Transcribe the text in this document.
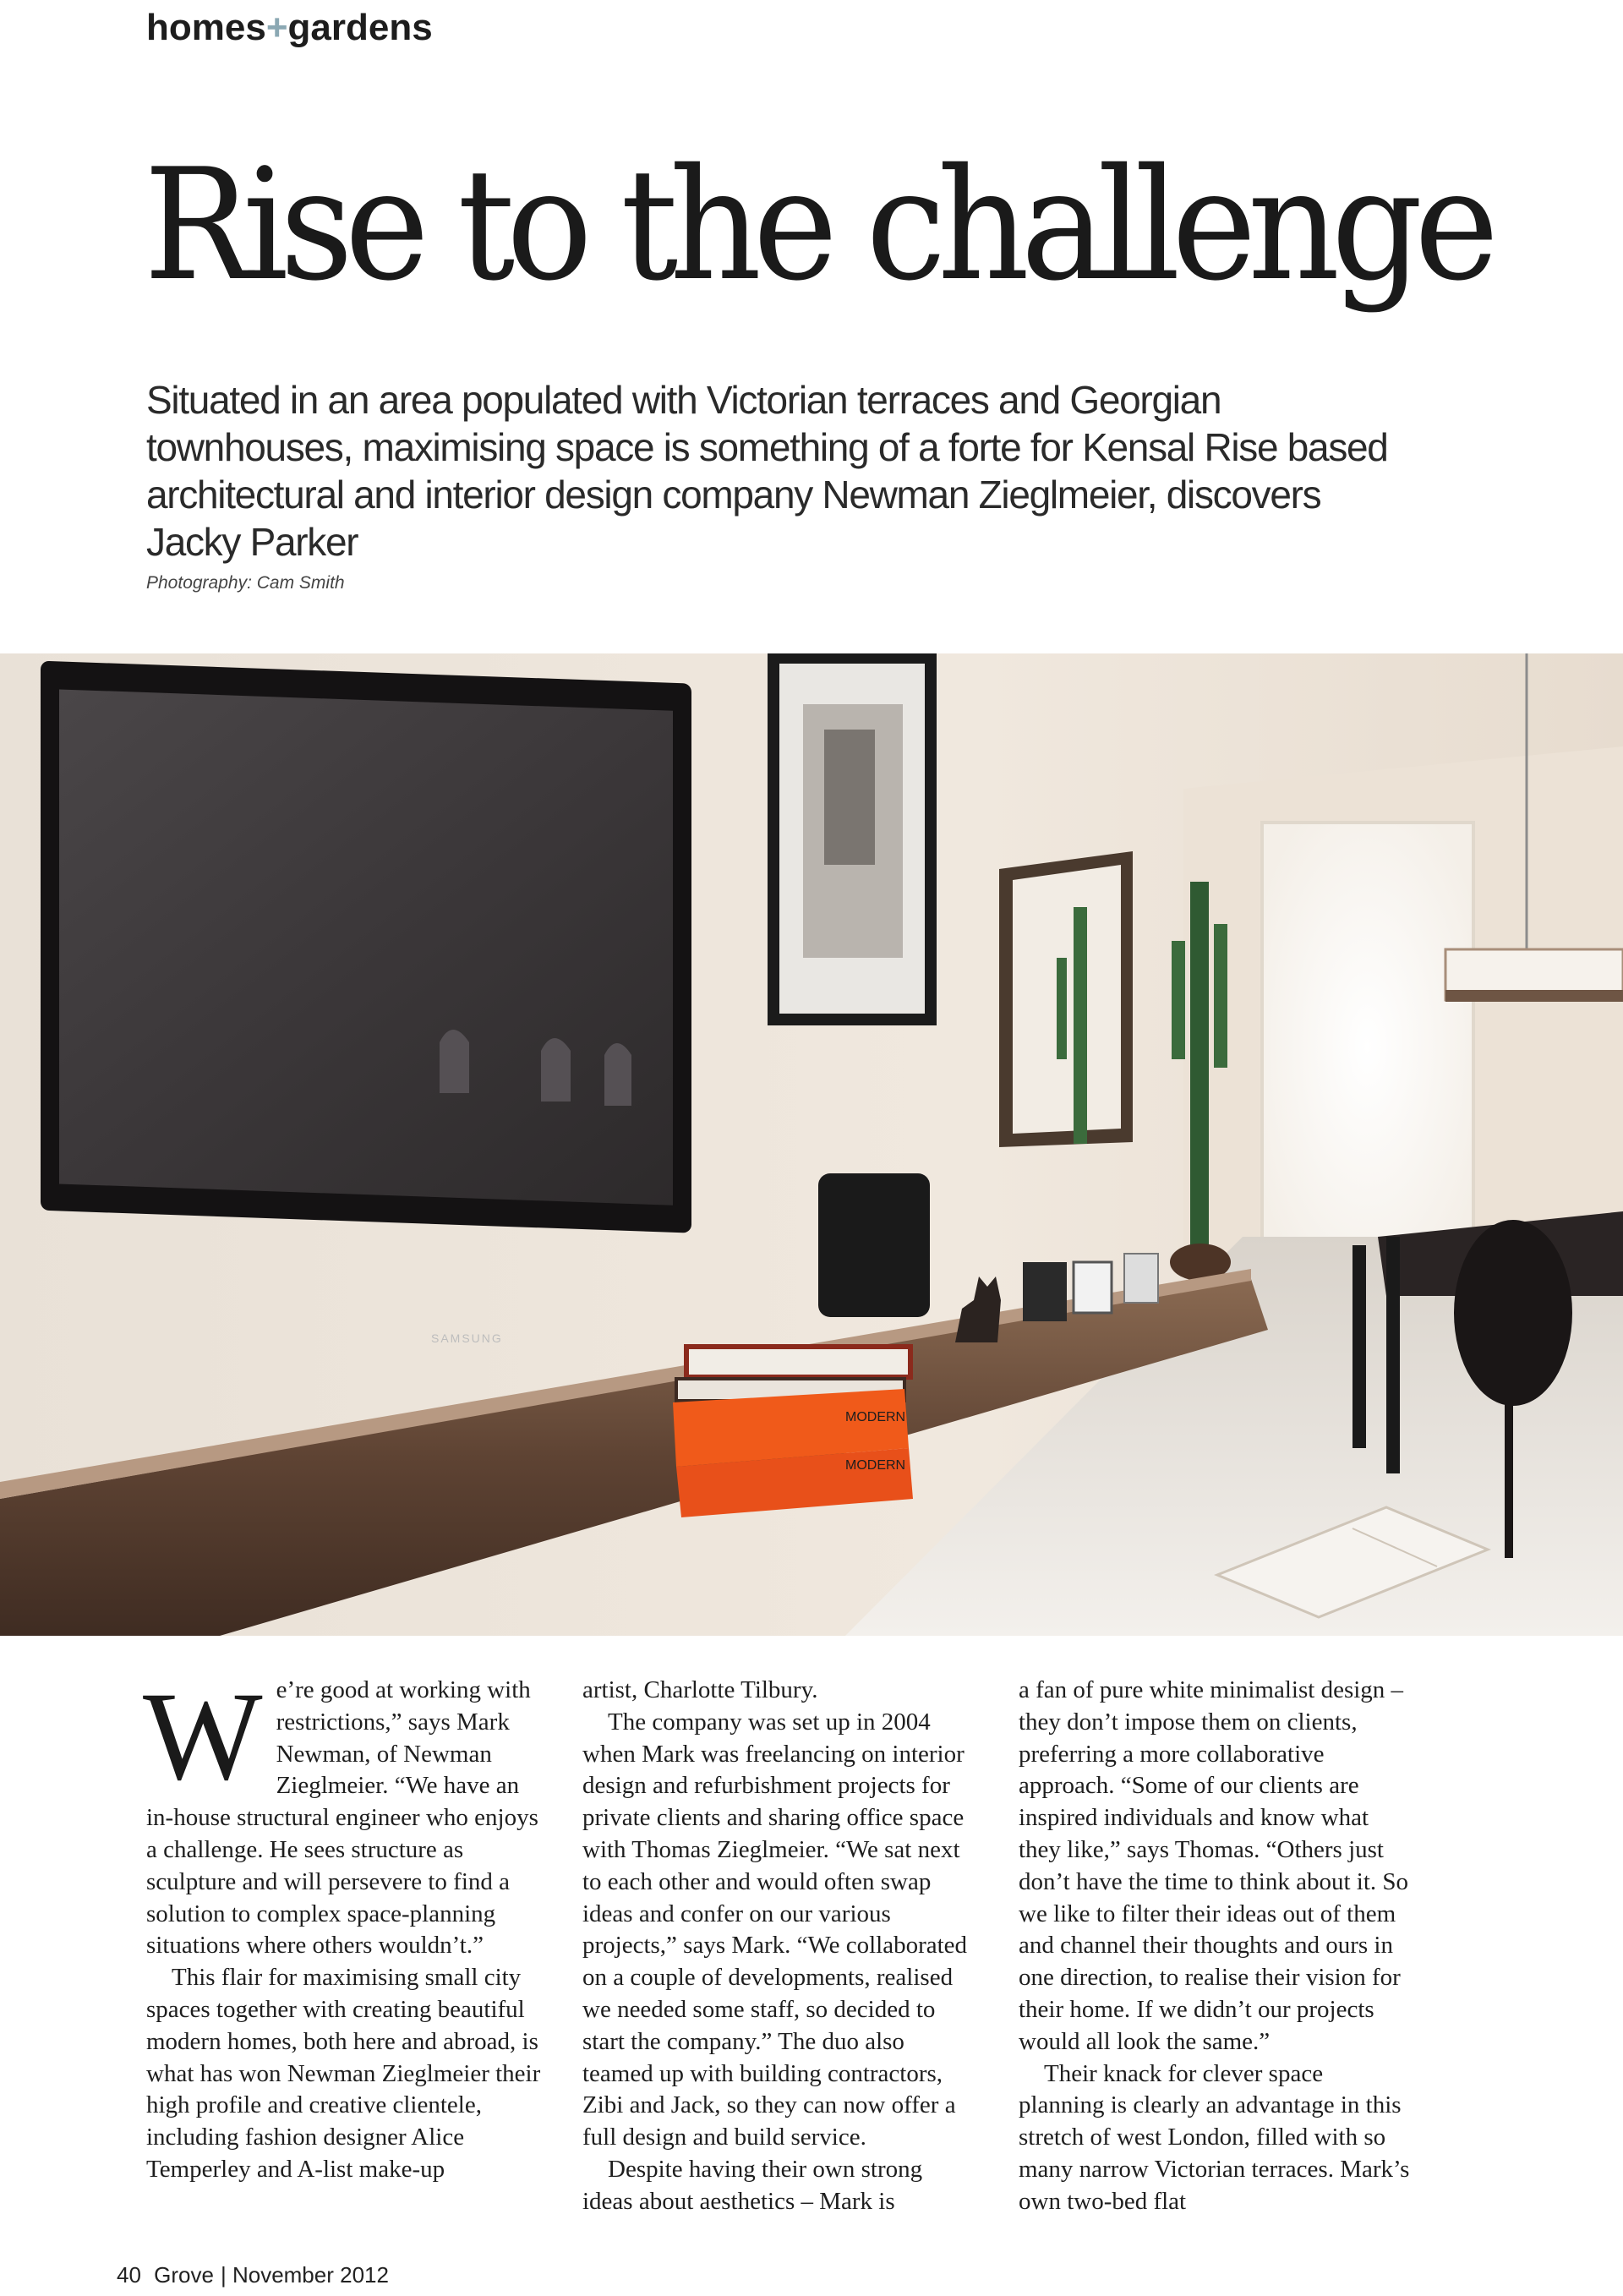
homes+gardens
Rise to the challenge

Situated in an area populated with Victorian terraces and Georgian townhouses, maximising space is something of a forte for Kensal Rise based architectural and interior design company Newman Zieglmeier, discovers Jacky Parker

Photography: Cam Smith
SAMSUNG
MODERN
MODERN

We’re good at working with restrictions,” says Mark Newman, of Newman Zieglmeier. “We have an in-house structural engineer who enjoys a challenge. He sees structure as sculpture and will persevere to find a solution to complex space-planning situations where others wouldn’t.”

This flair for maximising small city spaces together with creating beautiful modern homes, both here and abroad, is what has won Newman Zieglmeier their high profile and creative clientele, including fashion designer Alice Temperley and A-list make-up

artist, Charlotte Tilbury.

The company was set up in 2004 when Mark was freelancing on interior design and refurbishment projects for private clients and sharing office space with Thomas Zieglmeier. “We sat next to each other and would often swap ideas and confer on our various projects,” says Mark. “We collaborated on a couple of developments, realised we needed some staff, so decided to start the company.” The duo also teamed up with building contractors, Zibi and Jack, so they can now offer a full design and build service.

Despite having their own strong ideas about aesthetics – Mark is

a fan of pure white minimalist design – they don’t impose them on clients, preferring a more collaborative approach. “Some of our clients are inspired individuals and know what they like,” says Thomas. “Others just don’t have the time to think about it. So we like to filter their ideas out of them and channel their thoughts and ours in one direction, to realise their vision for their home. If we didn’t our projects would all look the same.”

Their knack for clever space planning is clearly an advantage in this stretch of west London, filled with so many narrow Victorian terraces. Mark’s own two-bed flat

40 Grove | November 2012
